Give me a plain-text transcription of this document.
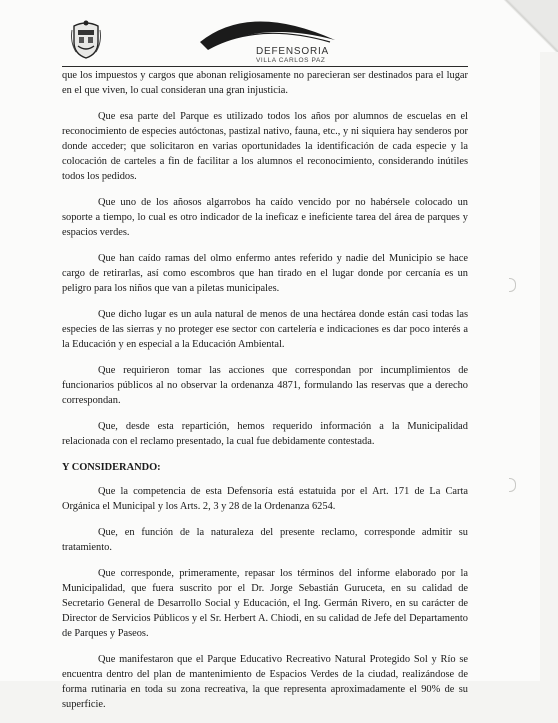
DEFENSORIA
VILLA CARLOS PAZ

que los impuestos y cargos que abonan religiosamente no parecieran ser destinados para el lugar en el que viven, lo cual consideran una gran injusticia.

Que esa parte del Parque es utilizado todos los años por alumnos de escuelas en el reconocimiento de especies autóctonas, pastizal nativo, fauna, etc., y ni siquiera hay senderos por donde acceder; que solicitaron en varias oportunidades la identificación de cada especie y la colocación de carteles a fin de facilitar a los alumnos el reconocimiento, considerando inútiles todos los pedidos.

Que uno de los añosos algarrobos ha caído vencido por no habérsele colocado un soporte a tiempo, lo cual es otro indicador de la ineficaz e ineficiente tarea del área de parques y espacios verdes.

Que han caído ramas del olmo enfermo antes referido y nadie del Municipio se hace cargo de retirarlas, así como escombros que han tirado en el lugar donde por cercanía es un peligro para los niños que van a piletas municipales.

Que dicho lugar es un aula natural de menos de una hectárea donde están casi todas las especies de las sierras y no proteger ese sector con cartelería e indicaciones es dar poco interés a la Educación y en especial a la Educación Ambiental.

Que requirieron tomar las acciones que correspondan por incumplimientos de funcionarios públicos al no observar la ordenanza 4871, formulando las reservas que a derecho correspondan.

Que, desde esta repartición, hemos requerido información a la Municipalidad relacionada con el reclamo presentado, la cual fue debidamente contestada.

Y CONSIDERANDO:

Que la competencia de esta Defensoría está estatuida por el Art. 171 de La Carta Orgánica el Municipal y los Arts. 2, 3 y 28 de la Ordenanza 6254.

Que, en función de la naturaleza del presente reclamo, corresponde admitir su tratamiento.

Que corresponde, primeramente, repasar los términos del informe elaborado por la Municipalidad, que fuera suscrito por el Dr. Jorge Sebastián Guruceta, en su calidad de Secretario General de Desarrollo Social y Educación, el Ing. Germán Rivero, en su carácter de Director de Servicios Públicos y el Sr. Herbert A. Chiodi, en su calidad de Jefe del Departamento de Parques y Paseos.

Que manifestaron que el Parque Educativo Recreativo Natural Protegido Sol y Río se encuentra dentro del plan de mantenimiento de Espacios Verdes de la ciudad, realizándose de forma rutinaria en toda su zona recreativa, la que representa aproximadamente el 90% de su superficie.
